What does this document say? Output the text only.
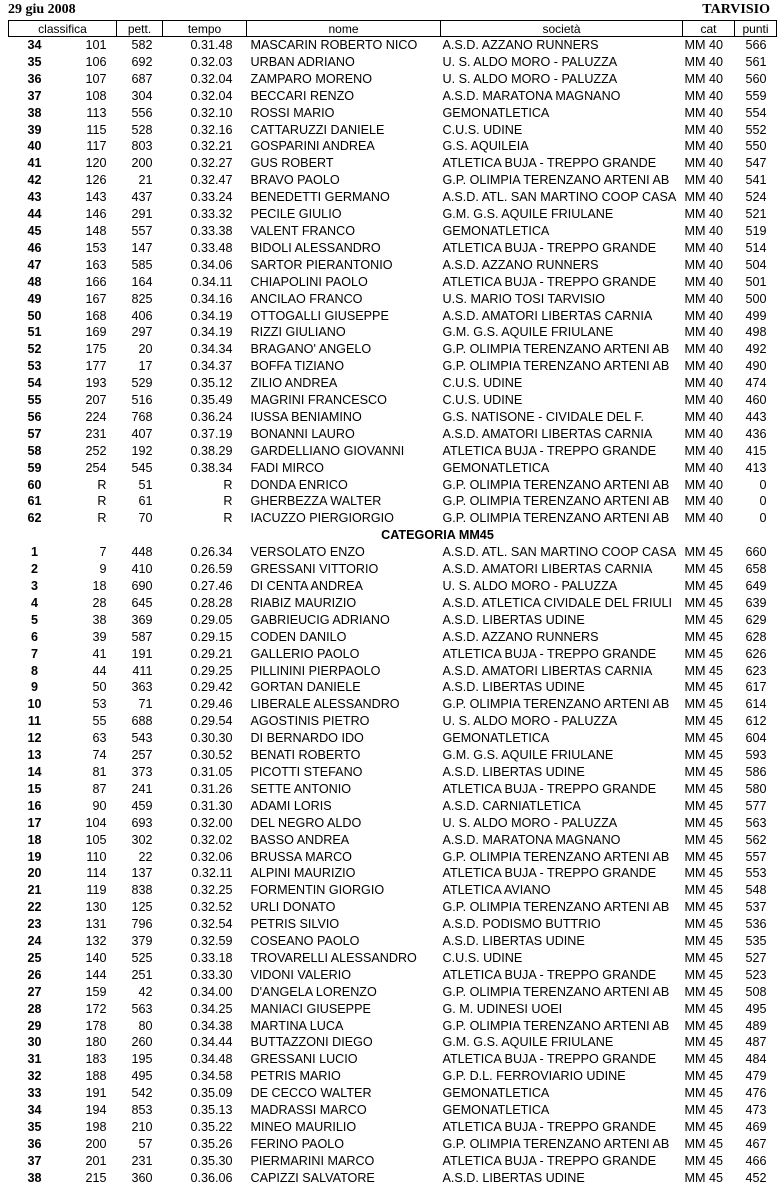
29 giu 2008	TARVISIO
classifica		pett.	tempo	nome	società	cat	punti
34	101	582	0.31.48	MASCARIN ROBERTO NICO	A.S.D. AZZANO RUNNERS	MM 40	566
35	106	692	0.32.03	URBAN ADRIANO	U. S. ALDO MORO - PALUZZA	MM 40	561
36	107	687	0.32.04	ZAMPARO MORENO	U. S. ALDO MORO - PALUZZA	MM 40	560
37	108	304	0.32.04	BECCARI RENZO	A.S.D. MARATONA MAGNANO	MM 40	559
38	113	556	0.32.10	ROSSI MARIO	GEMONATLETICA	MM 40	554
39	115	528	0.32.16	CATTARUZZI DANIELE	C.U.S. UDINE	MM 40	552
40	117	803	0.32.21	GOSPARINI ANDREA	G.S. AQUILEIA	MM 40	550
41	120	200	0.32.27	GUS ROBERT	ATLETICA BUJA - TREPPO GRANDE	MM 40	547
42	126	21	0.32.47	BRAVO PAOLO	G.P. OLIMPIA TERENZANO ARTENI AB	MM 40	541
43	143	437	0.33.24	BENEDETTI GERMANO	A.S.D. ATL. SAN MARTINO COOP CASA	MM 40	524
44	146	291	0.33.32	PECILE GIULIO	G.M. G.S. AQUILE FRIULANE	MM 40	521
45	148	557	0.33.38	VALENT FRANCO	GEMONATLETICA	MM 40	519
46	153	147	0.33.48	BIDOLI ALESSANDRO	ATLETICA BUJA - TREPPO GRANDE	MM 40	514
47	163	585	0.34.06	SARTOR PIERANTONIO	A.S.D. AZZANO RUNNERS	MM 40	504
48	166	164	0.34.11	CHIAPOLINI PAOLO	ATLETICA BUJA - TREPPO GRANDE	MM 40	501
49	167	825	0.34.16	ANCILAO FRANCO	U.S. MARIO TOSI TARVISIO	MM 40	500
50	168	406	0.34.19	OTTOGALLI GIUSEPPE	A.S.D. AMATORI LIBERTAS CARNIA	MM 40	499
51	169	297	0.34.19	RIZZI GIULIANO	G.M. G.S. AQUILE FRIULANE	MM 40	498
52	175	20	0.34.34	BRAGANO' ANGELO	G.P. OLIMPIA TERENZANO ARTENI AB	MM 40	492
53	177	17	0.34.37	BOFFA TIZIANO	G.P. OLIMPIA TERENZANO ARTENI AB	MM 40	490
54	193	529	0.35.12	ZILIO ANDREA	C.U.S. UDINE	MM 40	474
55	207	516	0.35.49	MAGRINI FRANCESCO	C.U.S. UDINE	MM 40	460
56	224	768	0.36.24	IUSSA BENIAMINO	G.S. NATISONE - CIVIDALE DEL F.	MM 40	443
57	231	407	0.37.19	BONANNI LAURO	A.S.D. AMATORI LIBERTAS CARNIA	MM 40	436
58	252	192	0.38.29	GARDELLIANO GIOVANNI	ATLETICA BUJA - TREPPO GRANDE	MM 40	415
59	254	545	0.38.34	FADI MIRCO	GEMONATLETICA	MM 40	413
60	R	51	R	DONDA ENRICO	G.P. OLIMPIA TERENZANO ARTENI AB	MM 40	0
61	R	61	R	GHERBEZZA WALTER	G.P. OLIMPIA TERENZANO ARTENI AB	MM 40	0
62	R	70	R	IACUZZO PIERGIORGIO	G.P. OLIMPIA TERENZANO ARTENI AB	MM 40	0
CATEGORIA MM45							
1	7	448	0.26.34	VERSOLATO ENZO	A.S.D. ATL. SAN MARTINO COOP CASA	MM 45	660
2	9	410	0.26.59	GRESSANI VITTORIO	A.S.D. AMATORI LIBERTAS CARNIA	MM 45	658
3	18	690	0.27.46	DI CENTA ANDREA	U. S. ALDO MORO - PALUZZA	MM 45	649
4	28	645	0.28.28	RIABIZ MAURIZIO	A.S.D. ATLETICA CIVIDALE DEL FRIULI	MM 45	639
5	38	369	0.29.05	GABRIEUCIG ADRIANO	A.S.D. LIBERTAS UDINE	MM 45	629
6	39	587	0.29.15	CODEN DANILO	A.S.D. AZZANO RUNNERS	MM 45	628
7	41	191	0.29.21	GALLERIO PAOLO	ATLETICA BUJA - TREPPO GRANDE	MM 45	626
8	44	411	0.29.25	PILLININI PIERPAOLO	A.S.D. AMATORI LIBERTAS CARNIA	MM 45	623
9	50	363	0.29.42	GORTAN DANIELE	A.S.D. LIBERTAS UDINE	MM 45	617
10	53	71	0.29.46	LIBERALE ALESSANDRO	G.P. OLIMPIA TERENZANO ARTENI AB	MM 45	614
11	55	688	0.29.54	AGOSTINIS PIETRO	U. S. ALDO MORO - PALUZZA	MM 45	612
12	63	543	0.30.30	DI BERNARDO IDO	GEMONATLETICA	MM 45	604
13	74	257	0.30.52	BENATI ROBERTO	G.M. G.S. AQUILE FRIULANE	MM 45	593
14	81	373	0.31.05	PICOTTI STEFANO	A.S.D. LIBERTAS UDINE	MM 45	586
15	87	241	0.31.26	SETTE ANTONIO	ATLETICA BUJA - TREPPO GRANDE	MM 45	580
16	90	459	0.31.30	ADAMI LORIS	A.S.D. CARNIATLETICA	MM 45	577
17	104	693	0.32.00	DEL NEGRO ALDO	U. S. ALDO MORO - PALUZZA	MM 45	563
18	105	302	0.32.02	BASSO ANDREA	A.S.D. MARATONA MAGNANO	MM 45	562
19	110	22	0.32.06	BRUSSA MARCO	G.P. OLIMPIA TERENZANO ARTENI AB	MM 45	557
20	114	137	0.32.11	ALPINI MAURIZIO	ATLETICA BUJA - TREPPO GRANDE	MM 45	553
21	119	838	0.32.25	FORMENTIN GIORGIO	ATLETICA AVIANO	MM 45	548
22	130	125	0.32.52	URLI DONATO	G.P. OLIMPIA TERENZANO ARTENI AB	MM 45	537
23	131	796	0.32.54	PETRIS SILVIO	A.S.D. PODISMO BUTTRIO	MM 45	536
24	132	379	0.32.59	COSEANO PAOLO	A.S.D. LIBERTAS UDINE	MM 45	535
25	140	525	0.33.18	TROVARELLI ALESSANDRO	C.U.S. UDINE	MM 45	527
26	144	251	0.33.30	VIDONI VALERIO	ATLETICA BUJA - TREPPO GRANDE	MM 45	523
27	159	42	0.34.00	D'ANGELA LORENZO	G.P. OLIMPIA TERENZANO ARTENI AB	MM 45	508
28	172	563	0.34.25	MANIACI GIUSEPPE	G. M. UDINESI UOEI	MM 45	495
29	178	80	0.34.38	MARTINA LUCA	G.P. OLIMPIA TERENZANO ARTENI AB	MM 45	489
30	180	260	0.34.44	BUTTAZZONI DIEGO	G.M. G.S. AQUILE FRIULANE	MM 45	487
31	183	195	0.34.48	GRESSANI LUCIO	ATLETICA BUJA - TREPPO GRANDE	MM 45	484
32	188	495	0.34.58	PETRIS MARIO	G.P. D.L. FERROVIARIO UDINE	MM 45	479
33	191	542	0.35.09	DE CECCO WALTER	GEMONATLETICA	MM 45	476
34	194	853	0.35.13	MADRASSI MARCO	GEMONATLETICA	MM 45	473
35	198	210	0.35.22	MINEO MAURILIO	ATLETICA BUJA - TREPPO GRANDE	MM 45	469
36	200	57	0.35.26	FERINO PAOLO	G.P. OLIMPIA TERENZANO ARTENI AB	MM 45	467
37	201	231	0.35.30	PIERMARINI MARCO	ATLETICA BUJA - TREPPO GRANDE	MM 45	466
38	215	360	0.36.06	CAPIZZI SALVATORE	A.S.D. LIBERTAS UDINE	MM 45	452
